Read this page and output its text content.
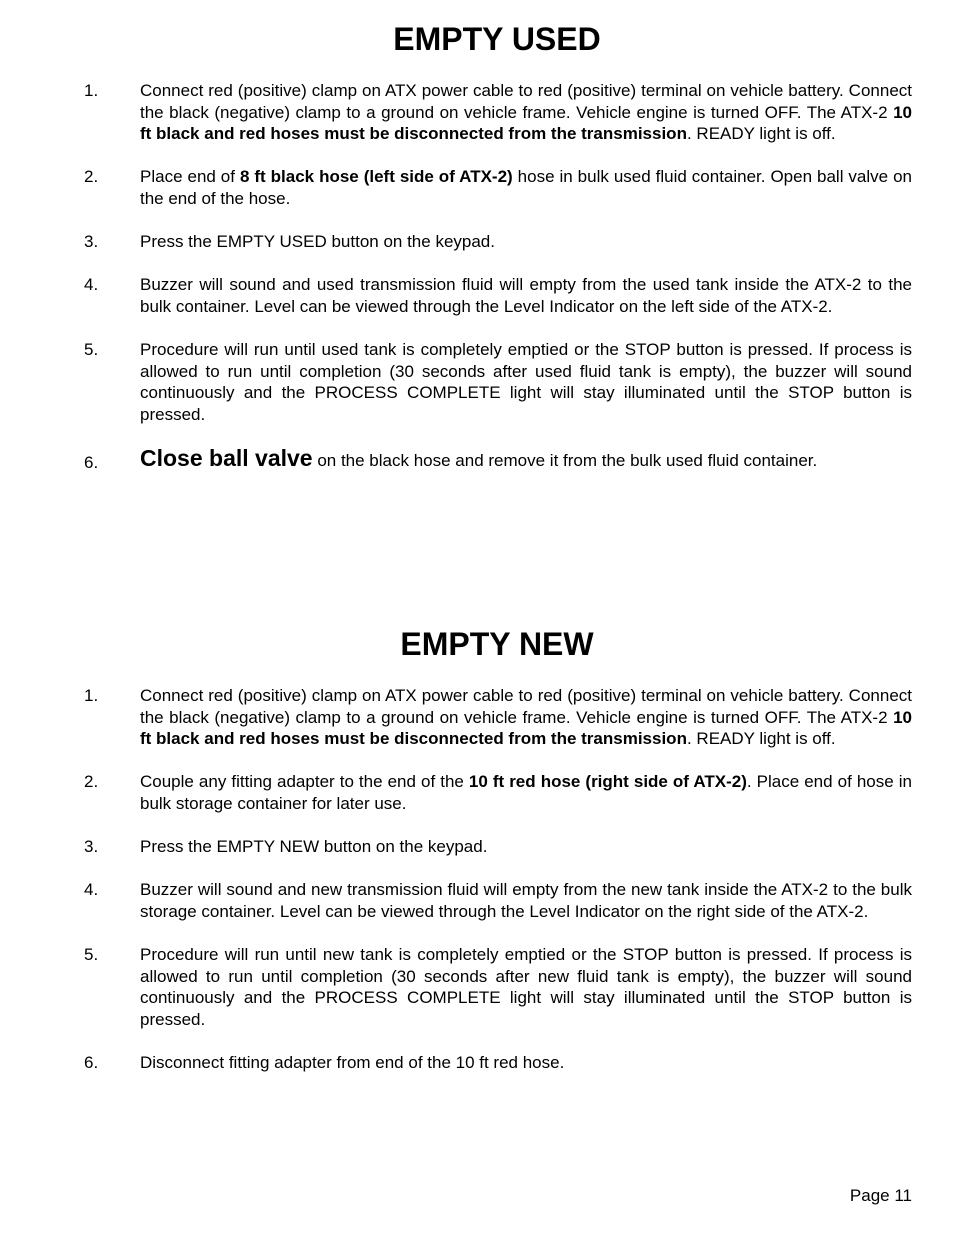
EMPTY USED
1.	Connect red (positive) clamp on ATX power cable to red (positive) terminal on vehicle battery. Connect the black (negative) clamp to a ground on vehicle frame. Vehicle engine is turned OFF. The ATX-2 10 ft black and red hoses must be disconnected from the transmission. READY light is off.
2.	Place end of 8 ft black hose (left side of ATX-2) hose in bulk used fluid container. Open ball valve on the end of the hose.
3.	Press the EMPTY USED button on the keypad.
4.	Buzzer will sound and used transmission fluid will empty from the used tank inside the ATX-2 to the bulk container. Level can be viewed through the Level Indicator on the left side of the ATX-2.
5.	Procedure will run until used tank is completely emptied or the STOP button is pressed. If process is allowed to run until completion (30 seconds after used fluid tank is empty), the buzzer will sound continuously and the PROCESS COMPLETE light will stay illuminated until the STOP button is pressed.
6.	Close ball valve on the black hose and remove it from the bulk used fluid container.
EMPTY NEW
1.	Connect red (positive) clamp on ATX power cable to red (positive) terminal on vehicle battery. Connect the black (negative) clamp to a ground on vehicle frame. Vehicle engine is turned OFF. The ATX-2 10 ft black and red hoses must be disconnected from the transmission. READY light is off.
2.	Couple any fitting adapter to the end of the 10 ft red hose (right side of ATX-2). Place end of hose in bulk storage container for later use.
3.	Press the EMPTY NEW button on the keypad.
4.	Buzzer will sound and new transmission fluid will empty from the new tank inside the ATX-2 to the bulk storage container. Level can be viewed through the Level Indicator on the right side of the ATX-2.
5.	Procedure will run until new tank is completely emptied or the STOP button is pressed. If process is allowed to run until completion (30 seconds after new fluid tank is empty), the buzzer will sound continuously and the PROCESS COMPLETE light will stay illuminated until the STOP button is pressed.
6.	Disconnect fitting adapter from end of the 10 ft red hose.
Page 11
